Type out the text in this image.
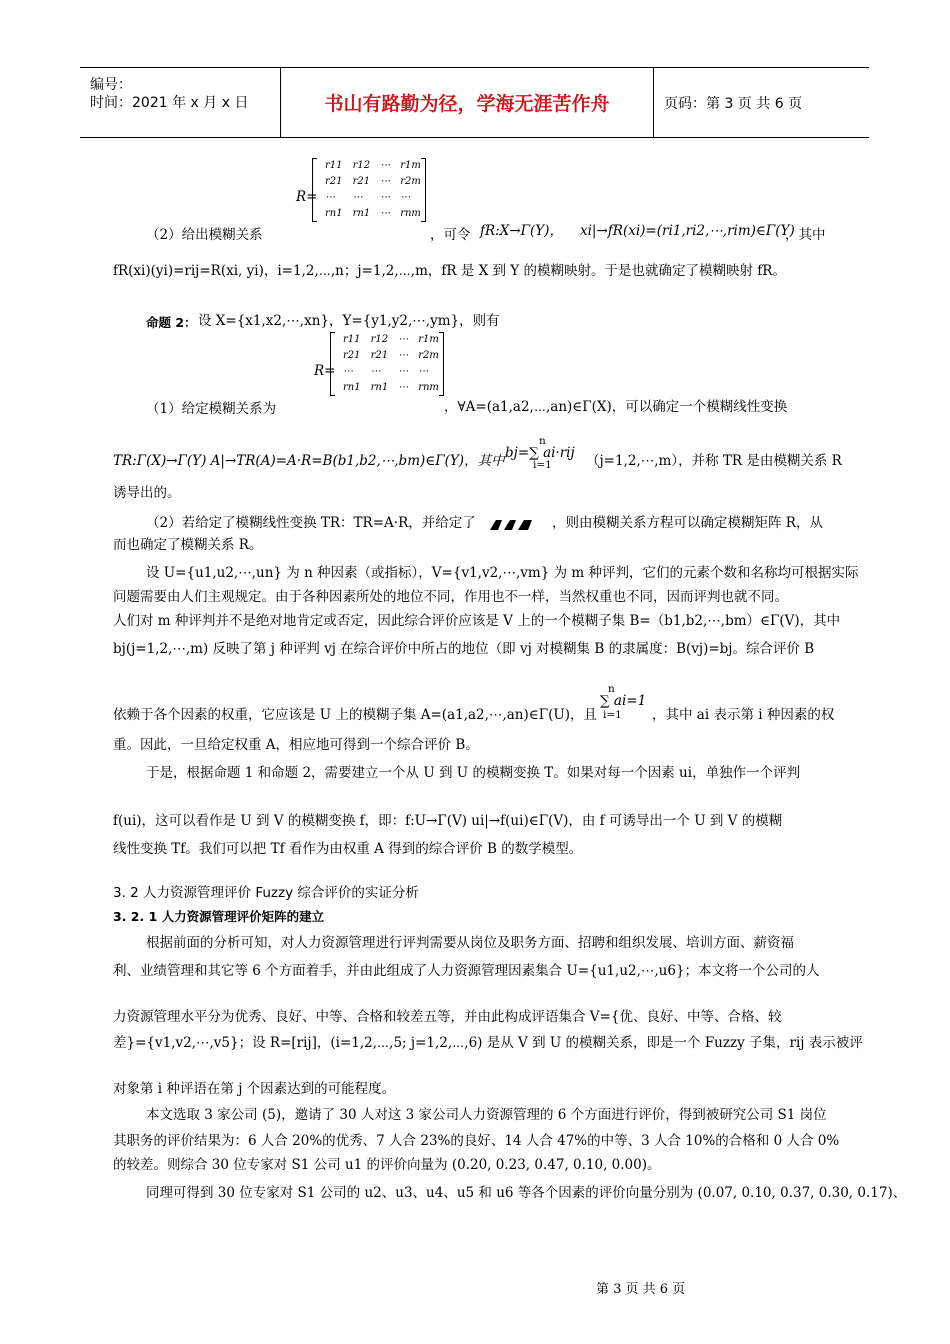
编号：
时间：2021 年 x 月 x 日	书山有路勤为径，学海无涯苦作舟	页码：第 3 页 共 6 页
R=
r11	r12	⋯	r1m
r21	r21	⋯	r2m
⋯	⋯	⋯	⋯
rn1	rn1	⋯	rnm
（2）给出模糊关系	，可令 fR:X→Γ(Y)， xi|→fR(xi)=(ri1,ri2,⋯,rim)∈Γ(Y)
，其中
fR(xi)(yi)=rij=R(xi, yi)，i=1,2,⋯,n；j=1,2,⋯,m，fR 是 X 到 Y 的模糊映射。于是也就确定了模糊映射 fR。
命题 2： 设 X={x1,x2,⋯,xn}，Y={y1,y2,⋯,ym}，则有
R=
r11	r12	⋯	r1m
r21	r21	⋯	r2m
⋯	⋯	⋯	⋯
rn1	rn1	⋯	rnm
（1）给定模糊关系为	，∀A=(a1,a2,⋯,an)∈Γ(X)，可以确定一个模糊线性变换
TR:Γ(X)→Γ(Y) A|→TR(A)=A·R=B(b1,b2,⋯,bm)∈Γ(Y)，其中
n
bj=∑ ai·rij
i=1	（j=1,2,⋯,m），并称 TR 是由模糊关系 R
诱导出的。
（2）若给定了模糊线性变换 TR：TR=A·R，并给定了	，则由模糊关系方程可以确定模糊矩阵 R，从
而也确定了模糊关系 R。
设 U={u1,u2,⋯,un} 为 n 种因素（或指标），V={v1,v2,⋯,vm} 为 m 种评判，它们的元素个数和名称均可根据实际
问题需要由人们主观规定。由于各种因素所处的地位不同，作用也不一样，当然权重也不同，因而评判也就不同。
人们对 m 种评判并不是绝对地肯定或否定，因此综合评价应该是 V 上的一个模糊子集 B=（b1,b2,⋯,bm）∈Γ(V)，其中
bj(j=1,2,⋯,m) 反映了第 j 种评判 vj 在综合评价中所占的地位（即 vj 对模糊集 B 的隶属度：B(vj)=bj。综合评价 B
依赖于各个因素的权重，它应该是 U 上的模糊子集 A=(a1,a2,⋯,an)∈Γ(U)，且
n
∑ ai=1
i=1 ，其中 ai 表示第 i 种因素的权
重。因此，一旦给定权重 A，相应地可得到一个综合评价 B。
于是，根据命题 1 和命题 2，需要建立一个从 U 到 U 的模糊变换 T。如果对每一个因素 ui，单独作一个评判
f(ui)，这可以看作是 U 到 V 的模糊变换 f，即：f:U→Γ(V) ui|→f(ui)∈Γ(V)，由 f 可诱导出一个 U 到 V 的模糊
线性变换 Tf。我们可以把 Tf 看作为由权重 A 得到的综合评价 B 的数学模型。
3. 2 人力资源管理评价 Fuzzy 综合评价的实证分析
3. 2. 1 人力资源管理评价矩阵的建立
根据前面的分析可知，对人力资源管理进行评判需要从岗位及职务方面、招聘和组织发展、培训方面、薪资福
利、业绩管理和其它等 6 个方面着手，并由此组成了人力资源管理因素集合 U={u1,u2,⋯,u6}；本文将一个公司的人
力资源管理水平分为优秀、良好、中等、合格和较差五等，并由此构成评语集合 V={优、良好、中等、合格、较
差}={v1,v2,⋯,v5}；设 R=[rij]，(i=1,2,⋯,5; j=1,2,⋯,6) 是从 V 到 U 的模糊关系，即是一个 Fuzzy 子集，rij 表示被评
对象第 i 种评语在第 j 个因素达到的可能程度。
本文选取 3 家公司 (5)，邀请了 30 人对这 3 家公司人力资源管理的 6 个方面进行评价，得到被研究公司 S1 岗位
其职务的评价结果为：6 人合 20%的优秀、7 人合 23%的良好、14 人合 47%的中等、3 人合 10%的合格和 0 人合 0%
的较差。则综合 30 位专家对 S1 公司 u1 的评价向量为 (0.20, 0.23, 0.47, 0.10, 0.00)。
同理可得到 30 位专家对 S1 公司的 u2、u3、u4、u5 和 u6 等各个因素的评价向量分别为 (0.07, 0.10, 0.37, 0.30, 0.17)、
第 3 页 共 6 页
